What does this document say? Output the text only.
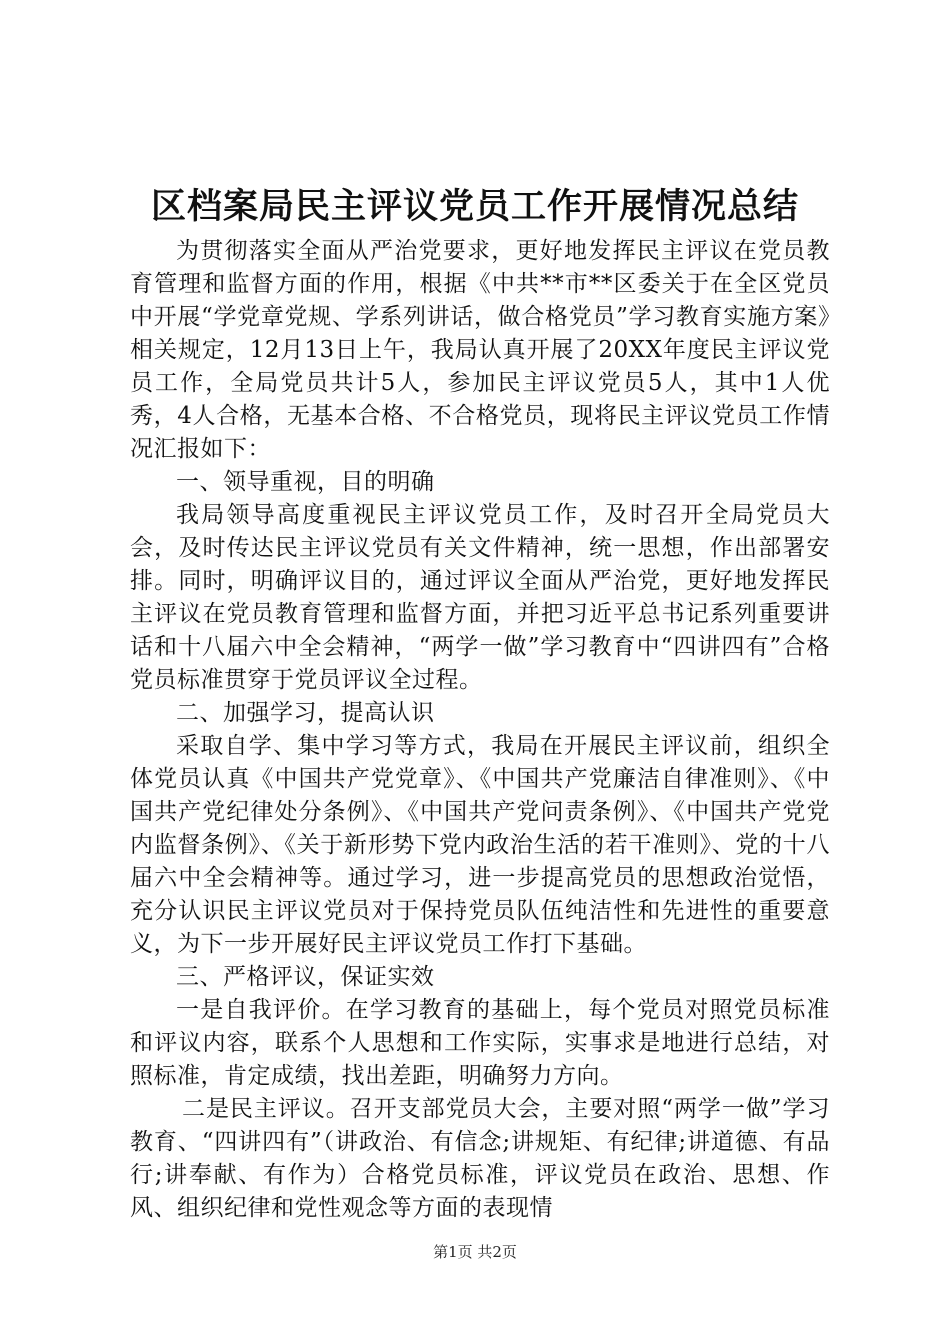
区档案局民主评议党员工作开展情况总结

为贯彻落实全面从严治党要求，更好地发挥民主评议在党员教育管理和监督方面的作用，根据《中共**市**区委关于在全区党员中开展“学党章党规、学系列讲话，做合格党员”学习教育实施方案》相关规定，12月13日上午，我局认真开展了20XX年度民主评议党员工作，全局党员共计5人，参加民主评议党员5人，其中1人优秀，4人合格，无基本合格、不合格党员，现将民主评议党员工作情况汇报如下：

一、领导重视，目的明确

我局领导高度重视民主评议党员工作，及时召开全局党员大会，及时传达民主评议党员有关文件精神，统一思想，作出部署安排。同时，明确评议目的，通过评议全面从严治党，更好地发挥民主评议在党员教育管理和监督方面，并把习近平总书记系列重要讲话和十八届六中全会精神，“两学一做”学习教育中“四讲四有”合格党员标准贯穿于党员评议全过程。

二、加强学习，提高认识

采取自学、集中学习等方式，我局在开展民主评议前，组织全体党员认真《中国共产党党章》、《中国共产党廉洁自律准则》、《中国共产党纪律处分条例》、《中国共产党问责条例》、《中国共产党党内监督条例》、《关于新形势下党内政治生活的若干准则》、党的十八届六中全会精神等。通过学习，进一步提高党员的思想政治觉悟，充分认识民主评议党员对于保持党员队伍纯洁性和先进性的重要意义，为下一步开展好民主评议党员工作打下基础。

三、严格评议，保证实效

一是自我评价。在学习教育的基础上，每个党员对照党员标准和评议内容，联系个人思想和工作实际，实事求是地进行总结，对照标准，肯定成绩，找出差距，明确努力方向。

二是民主评议。召开支部党员大会，主要对照“两学一做”学习教育、“四讲四有”（讲政治、有信念;讲规矩、有纪律;讲道德、有品行;讲奉献、有作为）合格党员标准，评议党员在政治、思想、作风、组织纪律和党性观念等方面的表现情

第1页 共2页
